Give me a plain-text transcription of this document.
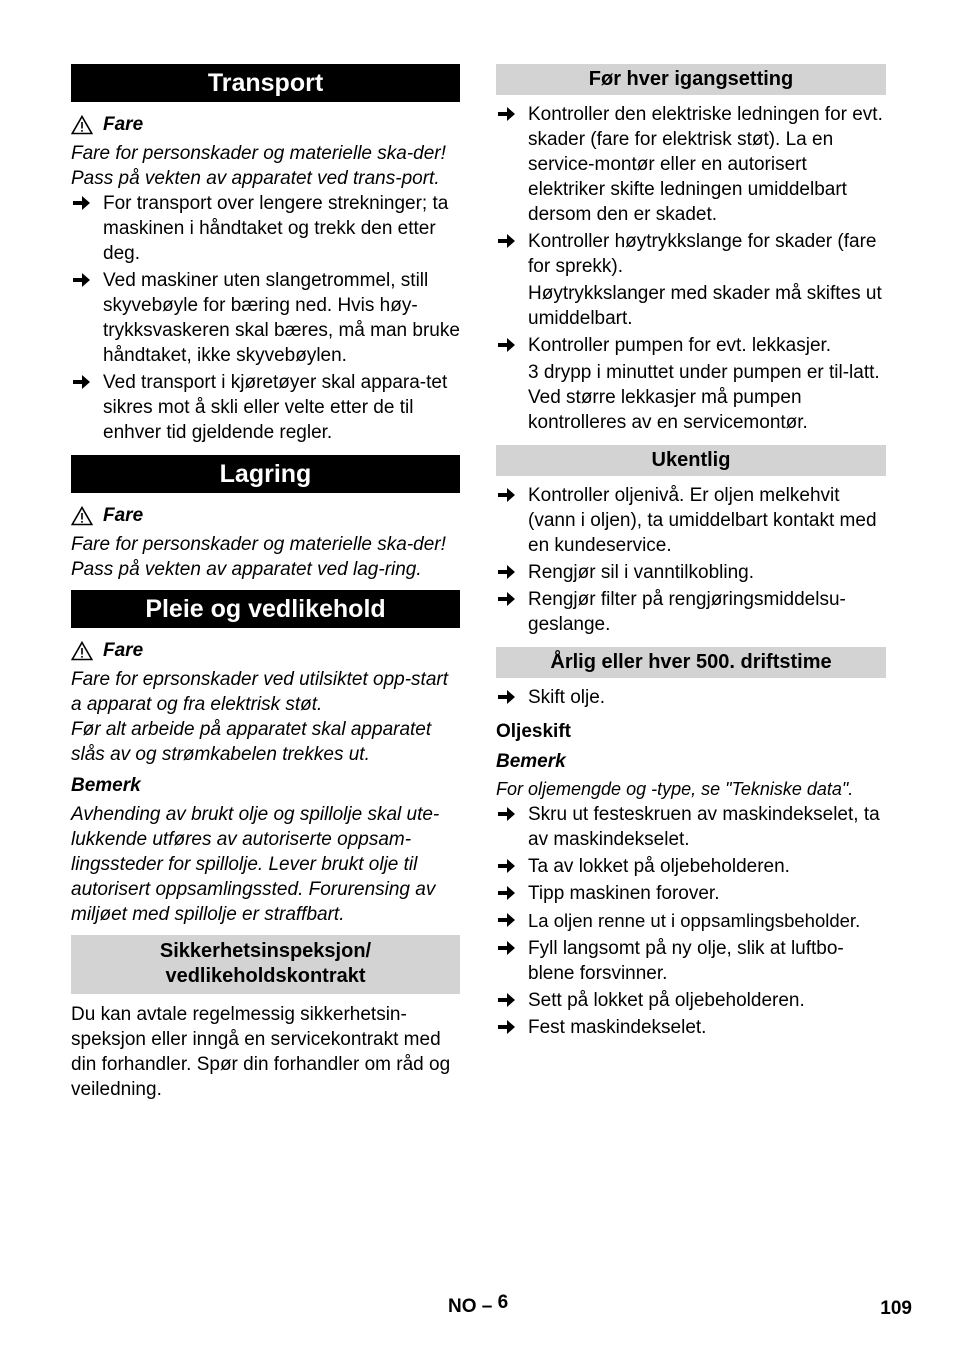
Transport
Fare
Fare for personskader og materielle ska-der! Pass på vekten av apparatet ved trans-port.
For transport over lengere strekninger; ta maskinen i håndtaket og trekk den etter deg.
Ved maskiner uten slangetrommel, still skyvebøyle for bæring ned. Hvis høy-trykksvaskeren skal bæres, må man bruke håndtaket, ikke skyvebøylen.
Ved transport i kjøretøyer skal appara-tet sikres mot å skli eller velte etter de til enhver tid gjeldende regler.
Lagring
Fare
Fare for personskader og materielle ska-der! Pass på vekten av apparatet ved lag-ring.
Pleie og vedlikehold
Fare
Fare for eprsonskader ved utilsiktet opp-start a apparat og fra elektrisk støt.
Før alt arbeide på apparatet skal apparatet slås av og strømkabelen trekkes ut.
Bemerk
Avhending av brukt olje og spillolje skal ute-lukkende utføres av autoriserte oppsam-lingssteder for spillolje. Lever brukt olje til autorisert oppsamlingssted. Forurensing av miljøet med spillolje er straffbart.
Sikkerhetsinspeksjon/
vedlikeholdskontrakt
Du kan avtale regelmessig sikkerhetsin-speksjon eller inngå en servicekontrakt med din forhandler. Spør din forhandler om råd og veiledning.
Før hver igangsetting
Kontroller den elektriske ledningen for evt. skader (fare for elektrisk støt). La en service-montør eller en autorisert elektriker skifte ledningen umiddelbart dersom den er skadet.
Kontroller høytrykkslange for skader (fare for sprekk).
Høytrykkslanger med skader må skiftes ut umiddelbart.
Kontroller pumpen for evt. lekkasjer.
3 drypp i minuttet under pumpen er til-latt. Ved større lekkasjer må pumpen kontrolleres av en servicemontør.
Ukentlig
Kontroller oljenivå. Er oljen melkehvit (vann i oljen), ta umiddelbart kontakt med en kundeservice.
Rengjør sil i vanntilkobling.
Rengjør filter på rengjøringsmiddelsu-geslange.
Årlig eller hver 500. driftstime
Skift olje.
Oljeskift
Bemerk
For oljemengde og -type, se "Tekniske data".
Skru ut festeskruen av maskindekselet, ta av maskindekselet.
Ta av lokket på oljebeholderen.
Tipp maskinen forover.
La oljen renne ut i oppsamlingsbeholder.
Fyll langsomt på ny olje, slik at luftbo-blene forsvinner.
Sett på lokket på oljebeholderen.
Fest maskindekselet.
NO – 6	109
